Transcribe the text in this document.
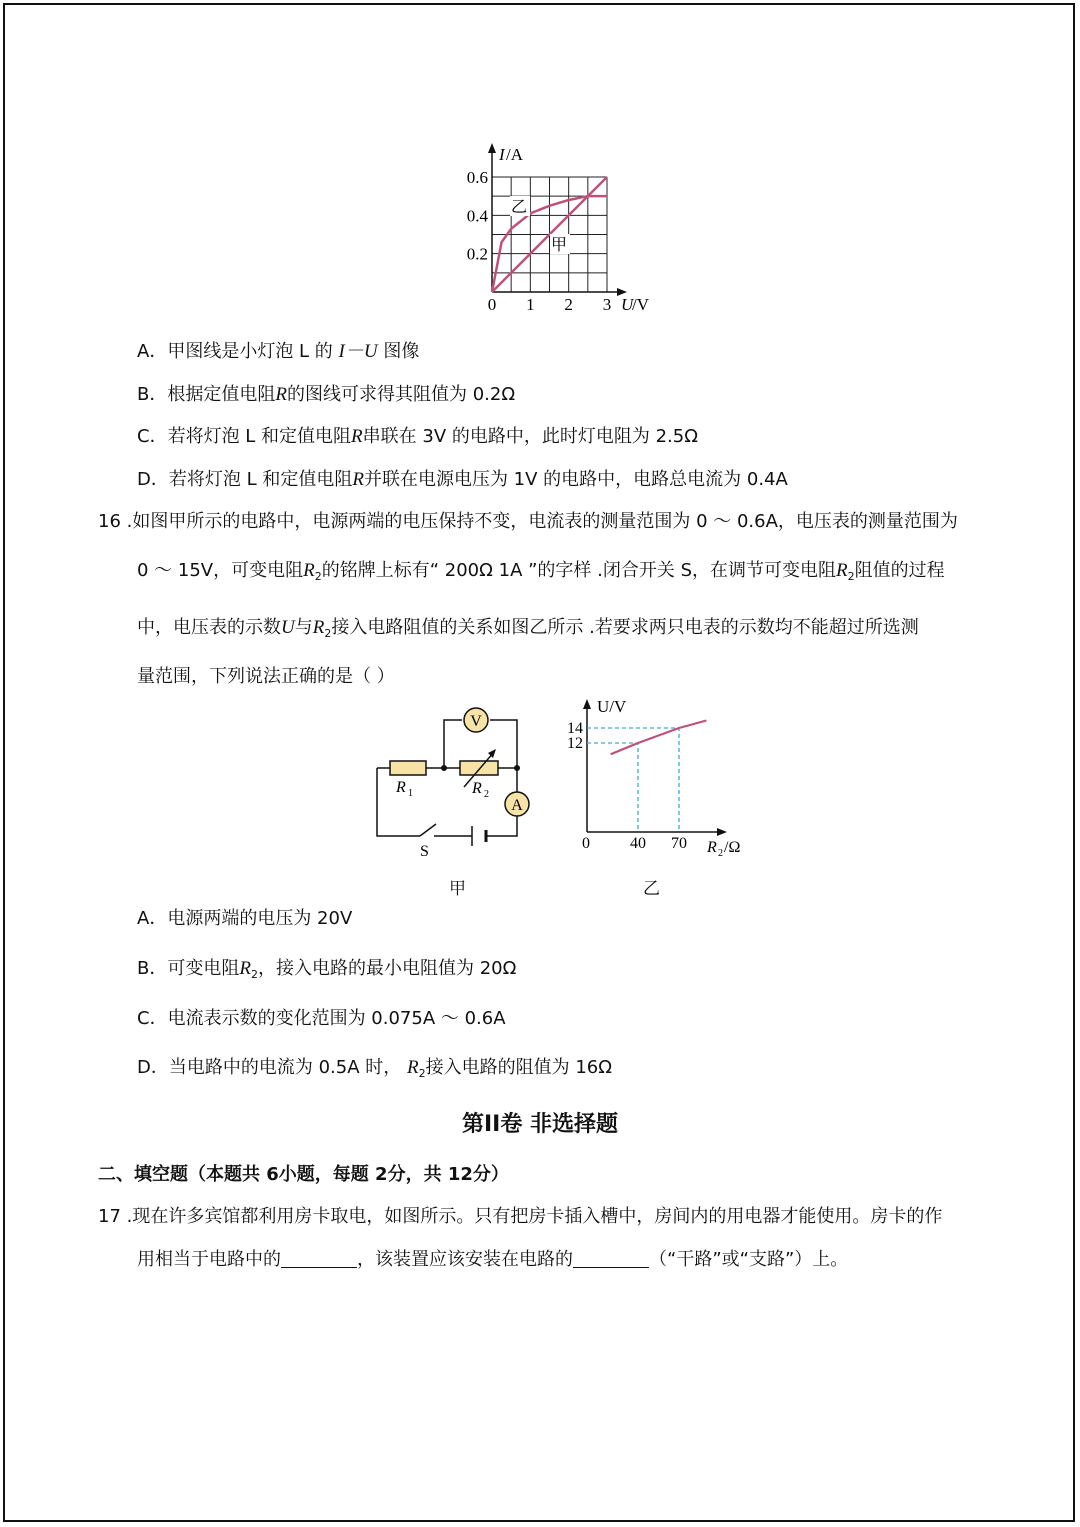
I /A
U
/V
0.6
0.4
0.2
0 1 2 3
乙
甲
A．甲图线是小灯泡 L 的 I－U 图像
B．根据定值电阻R的图线可求得其阻值为 0.2Ω
C．若将灯泡 L 和定值电阻R串联在 3V 的电路中，此时灯电阻为 2.5Ω
D．若将灯泡 L 和定值电阻R并联在电源电压为 1V 的电路中，电路总电流为 0.4A
16 .如图甲所示的电路中，电源两端的电压保持不变，电流表的测量范围为 0 ～ 0.6A，电压表的测量范围为
0 ～ 15V，可变电阻$R_2$的铭牌上标有“ 200Ω 1A ”的字样 .闭合开关 S，在调节可变电阻$R_2$阻值的过程
中，电压表的示数U与$R_2$接入电路阻值的关系如图乙所示 .若要求两只电表的示数均不能超过所选测
量范围，下列说法正确的是（ ）
V
A
R 1	R 2
S
甲
U/V
14
12
0	40 70 R 2 /Ω
乙
A．电源两端的电压为 20V
B．可变电阻$R_2$，接入电路的最小电阻值为 20Ω
C．电流表示数的变化范围为 0.075A ～ 0.6A
D．当电路中的电流为 0.5A 时， $R_2$接入电路的阻值为 16Ω
第II卷 非选择题
二、填空题（本题共 6小题，每题 2分，共 12分）
17 .现在许多宾馆都利用房卡取电，如图所示。只有把房卡插入槽中，房间内的用电器才能使用。房卡的作
用相当于电路中的	，该装置应该安装在电路的	（“干路”或“支路”）上。
